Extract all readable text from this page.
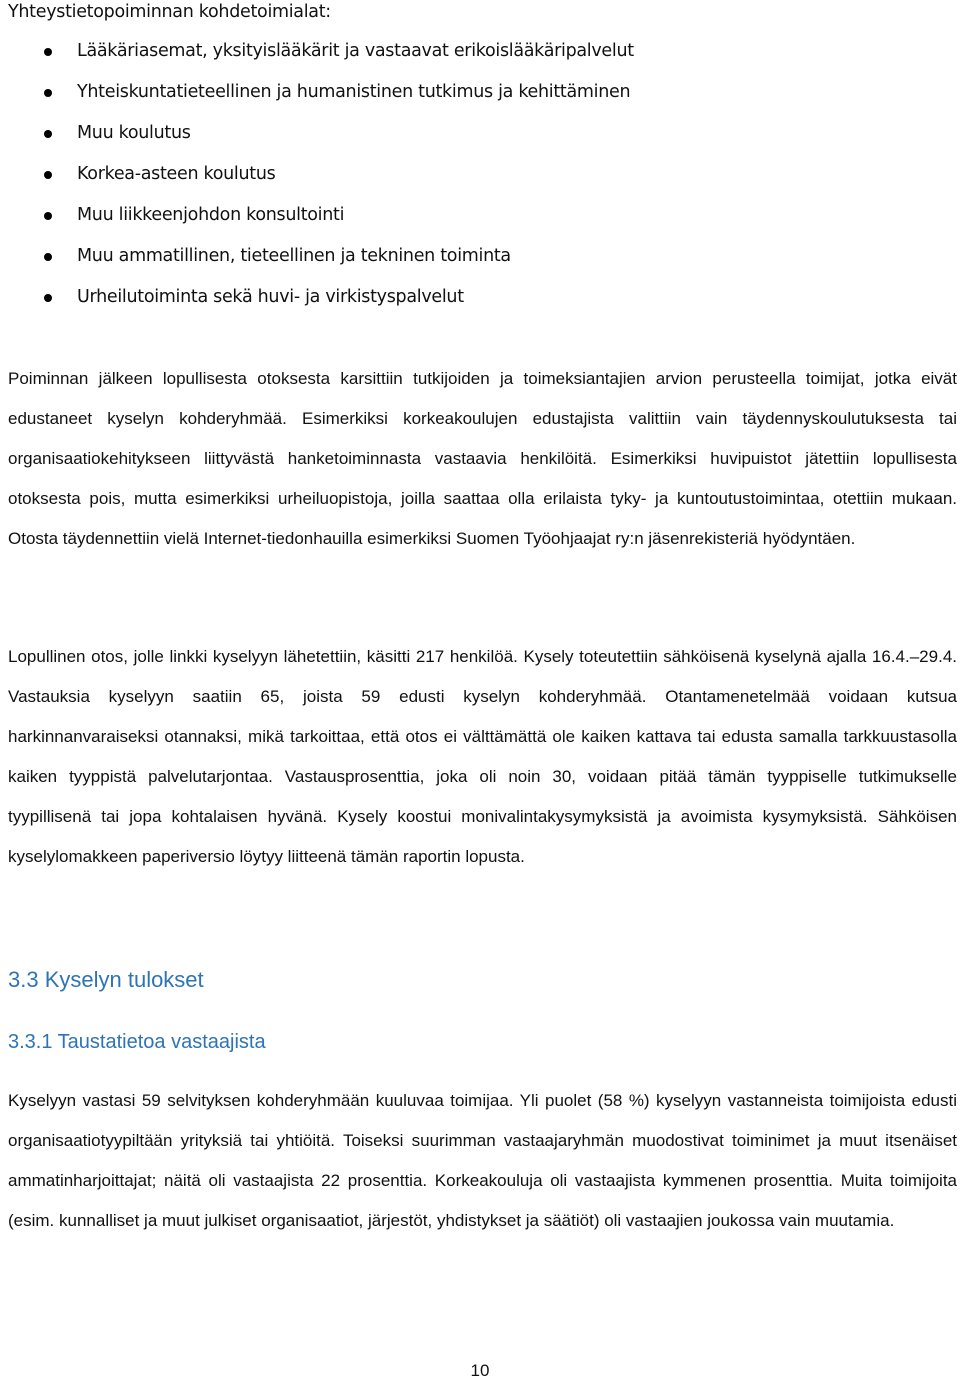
Yhteystietopoiminnan kohdetoimialat:

Lääkäriasemat, yksityislääkärit ja vastaavat erikoislääkäripalvelut
Yhteiskuntatieteellinen ja humanistinen tutkimus ja kehittäminen
Muu koulutus
Korkea-asteen koulutus
Muu liikkeenjohdon konsultointi
Muu ammatillinen, tieteellinen ja tekninen toiminta
Urheilutoiminta sekä huvi- ja virkistyspalvelut

Poiminnan jälkeen lopullisesta otoksesta karsittiin tutkijoiden ja toimeksiantajien arvion perusteella toimijat, jotka eivät edustaneet kyselyn kohderyhmää. Esimerkiksi korkeakoulujen edustajista valittiin vain täydennyskoulutuksesta tai organisaatiokehitykseen liittyvästä hanketoiminnasta vastaavia henkilöitä. Esimerkiksi huvipuistot jätettiin lopullisesta otoksesta pois, mutta esimerkiksi urheiluopistoja, joilla saattaa olla erilaista tyky- ja kuntoutustoimintaa, otettiin mukaan. Otosta täydennettiin vielä Internet-tiedonhauilla esimerkiksi Suomen Työohjaajat ry:n jäsenrekisteriä hyödyntäen.

Lopullinen otos, jolle linkki kyselyyn lähetettiin, käsitti 217 henkilöä. Kysely toteutettiin sähköisenä kyselynä ajalla 16.4.–29.4. Vastauksia kyselyyn saatiin 65, joista 59 edusti kyselyn kohderyhmää. Otantamenetelmää voidaan kutsua harkinnanvaraiseksi otannaksi, mikä tarkoittaa, että otos ei välttämättä ole kaiken kattava tai edusta samalla tarkkuustasolla kaiken tyyppistä palvelutarjontaa. Vastausprosenttia, joka oli noin 30, voidaan pitää tämän tyyppiselle tutkimukselle tyypillisenä tai jopa kohtalaisen hyvänä. Kysely koostui monivalintakysymyksistä ja avoimista kysymyksistä. Sähköisen kyselylomakkeen paperiversio löytyy liitteenä tämän raportin lopusta.

3.3 Kyselyn tulokset
3.3.1 Taustatietoa vastaajista

Kyselyyn vastasi 59 selvityksen kohderyhmään kuuluvaa toimijaa. Yli puolet (58 %) kyselyyn vastanneista toimijoista edusti organisaatiotyypiltään yrityksiä tai yhtiöitä. Toiseksi suurimman vastaajaryhmän muodostivat toiminimet ja muut itsenäiset ammatinharjoittajat; näitä oli vastaajista 22 prosenttia. Korkeakouluja oli vastaajista kymmenen prosenttia. Muita toimijoita (esim. kunnalliset ja muut julkiset organisaatiot, järjestöt, yhdistykset ja säätiöt) oli vastaajien joukossa vain muutamia.

10
